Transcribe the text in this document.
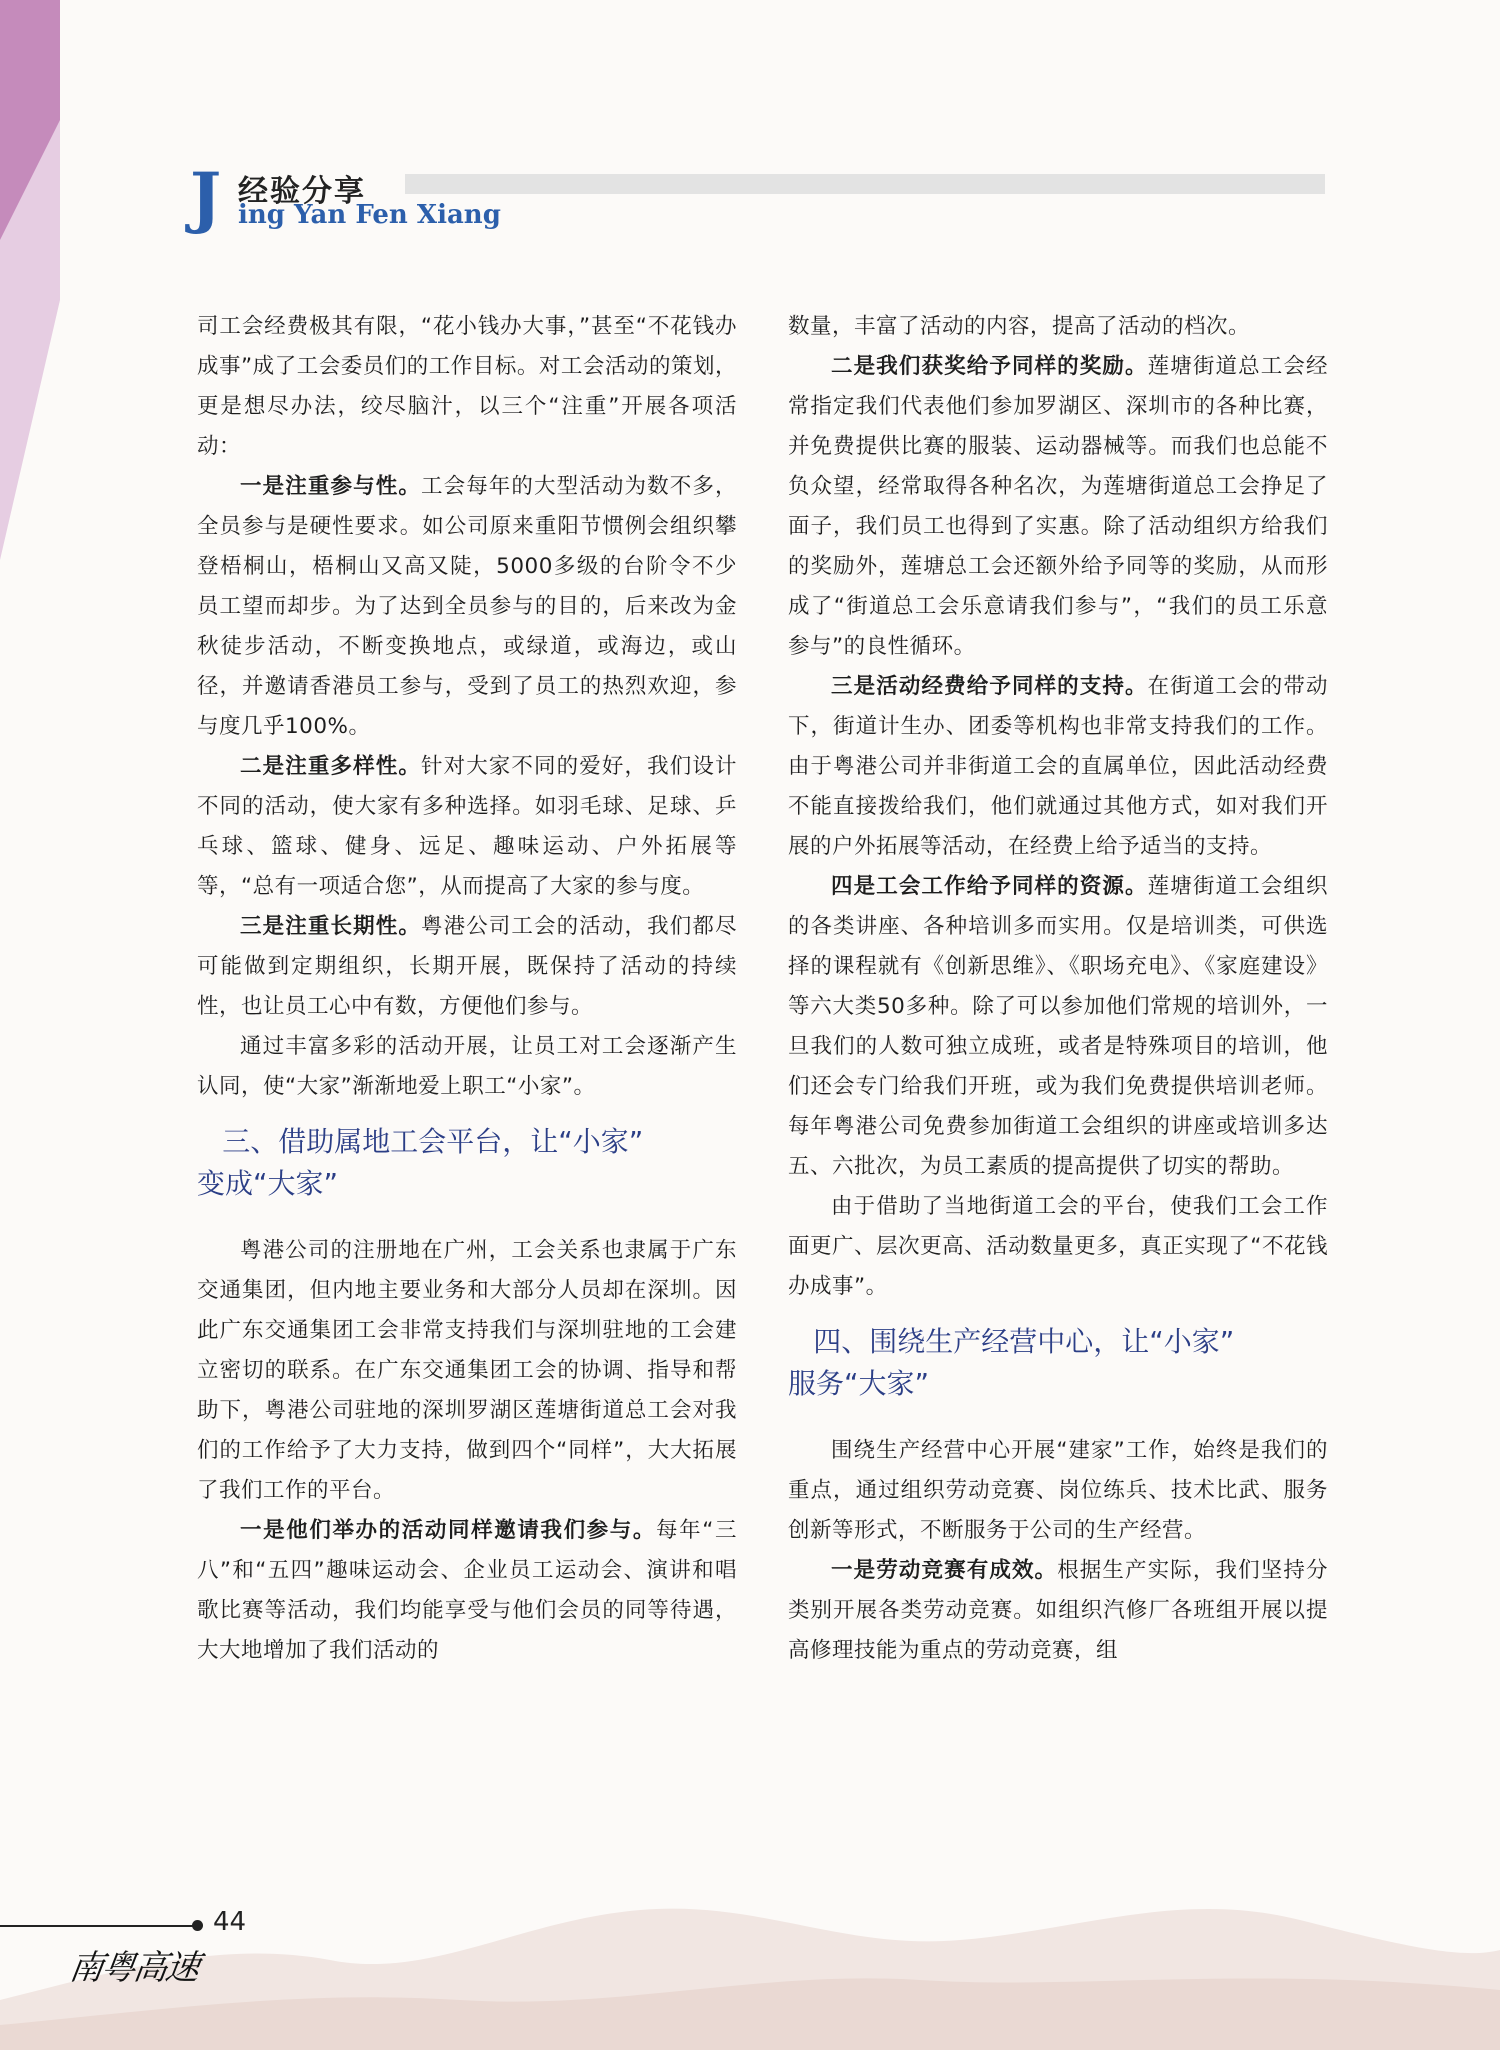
J 经验分享
ing Yan Fen Xiang

司工会经费极其有限，“花小钱办大事，”甚至“不花钱办成事”成了工会委员们的工作目标。对工会活动的策划，更是想尽办法，绞尽脑汁，以三个“注重”开展各项活动：

一是注重参与性。工会每年的大型活动为数不多，全员参与是硬性要求。如公司原来重阳节惯例会组织攀登梧桐山，梧桐山又高又陡，5000多级的台阶令不少员工望而却步。为了达到全员参与的目的，后来改为金秋徒步活动，不断变换地点，或绿道，或海边，或山径，并邀请香港员工参与，受到了员工的热烈欢迎，参与度几乎100%。

二是注重多样性。针对大家不同的爱好，我们设计不同的活动，使大家有多种选择。如羽毛球、足球、乒乓球、篮球、健身、远足、趣味运动、户外拓展等等，“总有一项适合您”，从而提高了大家的参与度。

三是注重长期性。粤港公司工会的活动，我们都尽可能做到定期组织，长期开展，既保持了活动的持续性，也让员工心中有数，方便他们参与。

通过丰富多彩的活动开展，让员工对工会逐渐产生认同，使“大家”渐渐地爱上职工“小家”。

三、借助属地工会平台，让“小家”
变成“大家”

粤港公司的注册地在广州，工会关系也隶属于广东交通集团，但内地主要业务和大部分人员却在深圳。因此广东交通集团工会非常支持我们与深圳驻地的工会建立密切的联系。在广东交通集团工会的协调、指导和帮助下，粤港公司驻地的深圳罗湖区莲塘街道总工会对我们的工作给予了大力支持，做到四个“同样”，大大拓展了我们工作的平台。

一是他们举办的活动同样邀请我们参与。每年“三八”和“五四”趣味运动会、企业员工运动会、演讲和唱歌比赛等活动，我们均能享受与他们会员的同等待遇，大大地增加了我们活动的

数量，丰富了活动的内容，提高了活动的档次。

二是我们获奖给予同样的奖励。莲塘街道总工会经常指定我们代表他们参加罗湖区、深圳市的各种比赛，并免费提供比赛的服装、运动器械等。而我们也总能不负众望，经常取得各种名次，为莲塘街道总工会挣足了面子，我们员工也得到了实惠。除了活动组织方给我们的奖励外，莲塘总工会还额外给予同等的奖励，从而形成了“街道总工会乐意请我们参与”，“我们的员工乐意参与”的良性循环。

三是活动经费给予同样的支持。在街道工会的带动下，街道计生办、团委等机构也非常支持我们的工作。由于粤港公司并非街道工会的直属单位，因此活动经费不能直接拨给我们，他们就通过其他方式，如对我们开展的户外拓展等活动，在经费上给予适当的支持。

四是工会工作给予同样的资源。莲塘街道工会组织的各类讲座、各种培训多而实用。仅是培训类，可供选择的课程就有《创新思维》、《职场充电》、《家庭建设》等六大类50多种。除了可以参加他们常规的培训外，一旦我们的人数可独立成班，或者是特殊项目的培训，他们还会专门给我们开班，或为我们免费提供培训老师。每年粤港公司免费参加街道工会组织的讲座或培训多达五、六批次，为员工素质的提高提供了切实的帮助。

由于借助了当地街道工会的平台，使我们工会工作面更广、层次更高、活动数量更多，真正实现了“不花钱办成事”。

四、围绕生产经营中心，让“小家”
服务“大家”

围绕生产经营中心开展“建家”工作，始终是我们的重点，通过组织劳动竞赛、岗位练兵、技术比武、服务创新等形式，不断服务于公司的生产经营。

一是劳动竞赛有成效。根据生产实际，我们坚持分类别开展各类劳动竞赛。如组织汽修厂各班组开展以提高修理技能为重点的劳动竞赛，组

44
南粤高速
